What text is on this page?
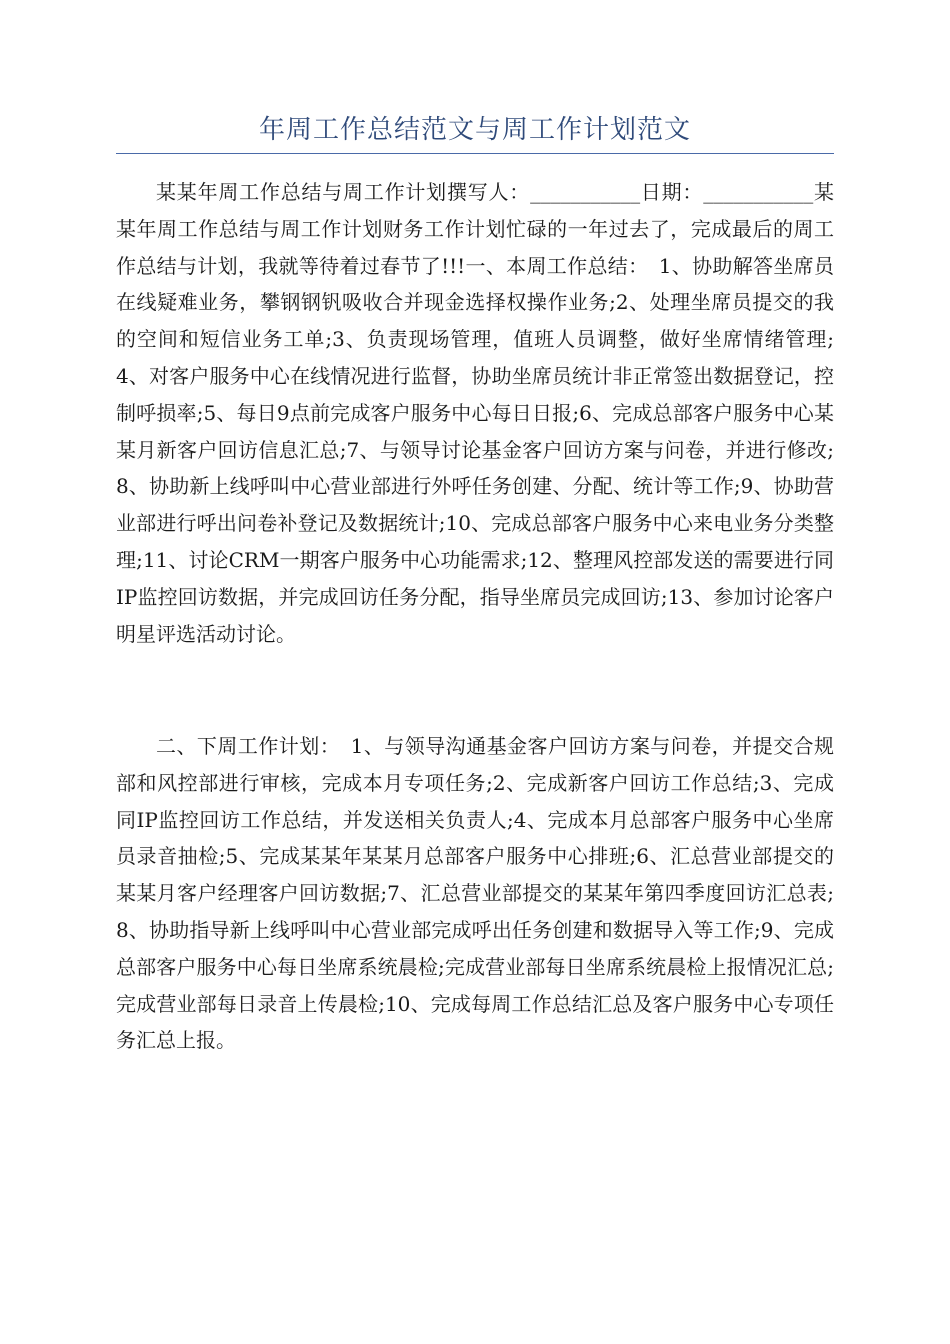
年周工作总结范文与周工作计划范文

某某年周工作总结与周工作计划撰写人：___________日期：___________某某年周工作总结与周工作计划财务工作计划忙碌的一年过去了，完成最后的周工作总结与计划，我就等待着过春节了!!!一、本周工作总结：　1、协助解答坐席员在线疑难业务，攀钢钢钒吸收合并现金选择权操作业务;2、处理坐席员提交的我的空间和短信业务工单;3、负责现场管理，值班人员调整，做好坐席情绪管理;4、对客户服务中心在线情况进行监督，协助坐席员统计非正常签出数据登记，控制呼损率;5、每日9点前完成客户服务中心每日日报;6、完成总部客户服务中心某某月新客户回访信息汇总;7、与领导讨论基金客户回访方案与问卷，并进行修改;8、协助新上线呼叫中心营业部进行外呼任务创建、分配、统计等工作;9、协助营业部进行呼出问卷补登记及数据统计;10、完成总部客户服务中心来电业务分类整理;11、讨论CRM一期客户服务中心功能需求;12、整理风控部发送的需要进行同IP监控回访数据，并完成回访任务分配，指导坐席员完成回访;13、参加讨论客户明星评选活动讨论。

二、下周工作计划：　1、与领导沟通基金客户回访方案与问卷，并提交合规部和风控部进行审核，完成本月专项任务;2、完成新客户回访工作总结;3、完成同IP监控回访工作总结，并发送相关负责人;4、完成本月总部客户服务中心坐席员录音抽检;5、完成某某年某某月总部客户服务中心排班;6、汇总营业部提交的某某月客户经理客户回访数据;7、汇总营业部提交的某某年第四季度回访汇总表;8、协助指导新上线呼叫中心营业部完成呼出任务创建和数据导入等工作;9、完成总部客户服务中心每日坐席系统晨检;完成营业部每日坐席系统晨检上报情况汇总;完成营业部每日录音上传晨检;10、完成每周工作总结汇总及客户服务中心专项任务汇总上报。
